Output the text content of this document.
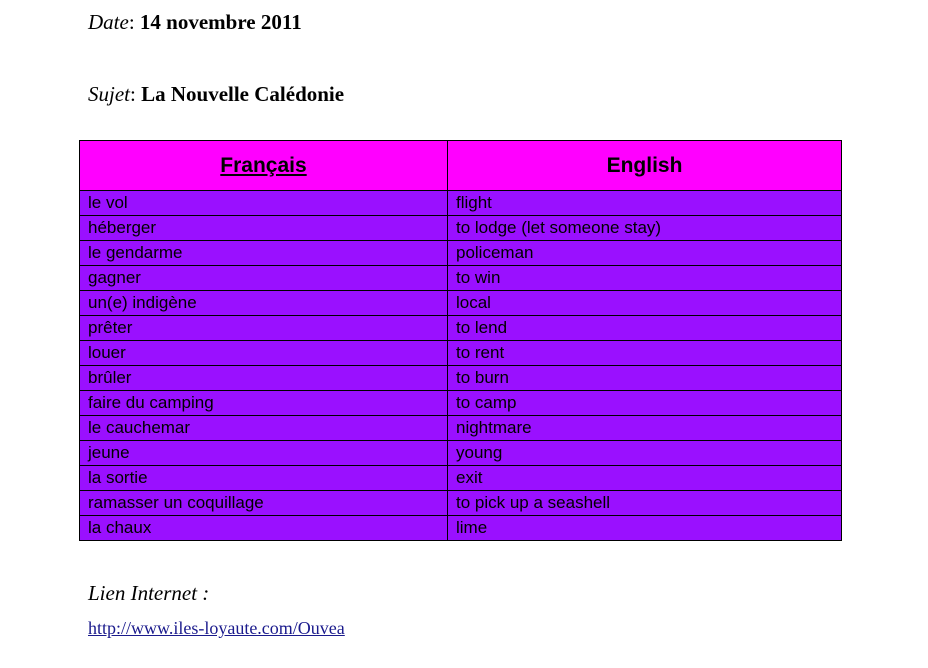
Date: 14 novembre 2011
Sujet: La Nouvelle Calédonie
Français	English
le vol	flight
héberger	to lodge (let someone stay)
le gendarme	policeman
gagner	to win
un(e) indigène	local
prêter	to lend
louer	to rent
brûler	to burn
faire du camping	to camp
le cauchemar	nightmare
jeune	young
la sortie	exit
ramasser un coquillage	to pick up a seashell
la chaux	lime
Lien Internet :
http://www.iles-loyaute.com/Ouvea
